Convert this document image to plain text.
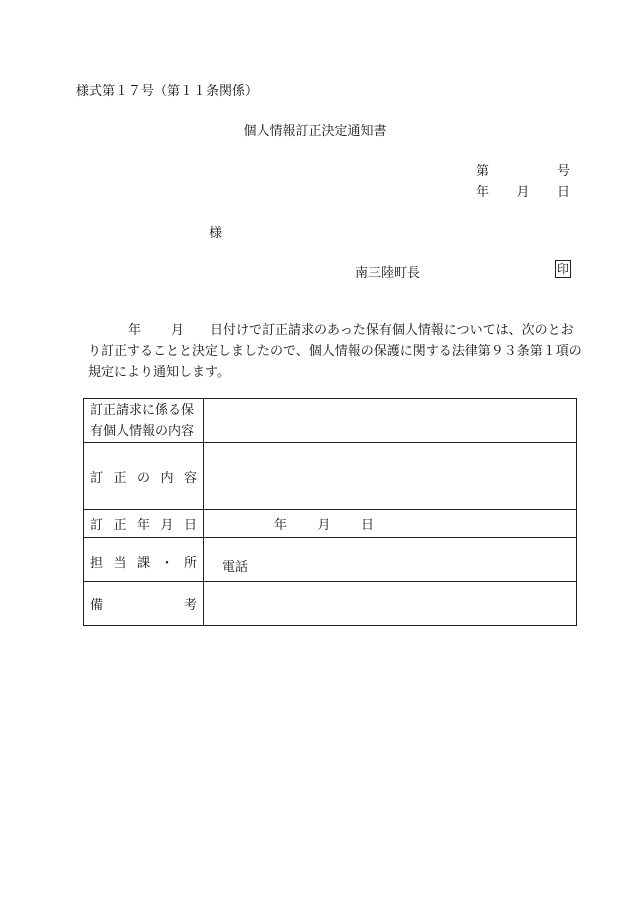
様式第１７号（第１１条関係）
個人情報訂正決定通知書
第	号
年 月 日
様
南三陸町長	印
年 月 日付けで訂正請求のあった保有個人情報については、次のとおり訂正することと決定しましたので、個人情報の保護に関する法律第９３条第１項の規定により通知します。
訂正請求に係る保
有個人情報の内容	

訂 正 の 内 容	

訂 正 年 月 日	年 月 日

担 当 課 ・ 所	電話

備 考	
